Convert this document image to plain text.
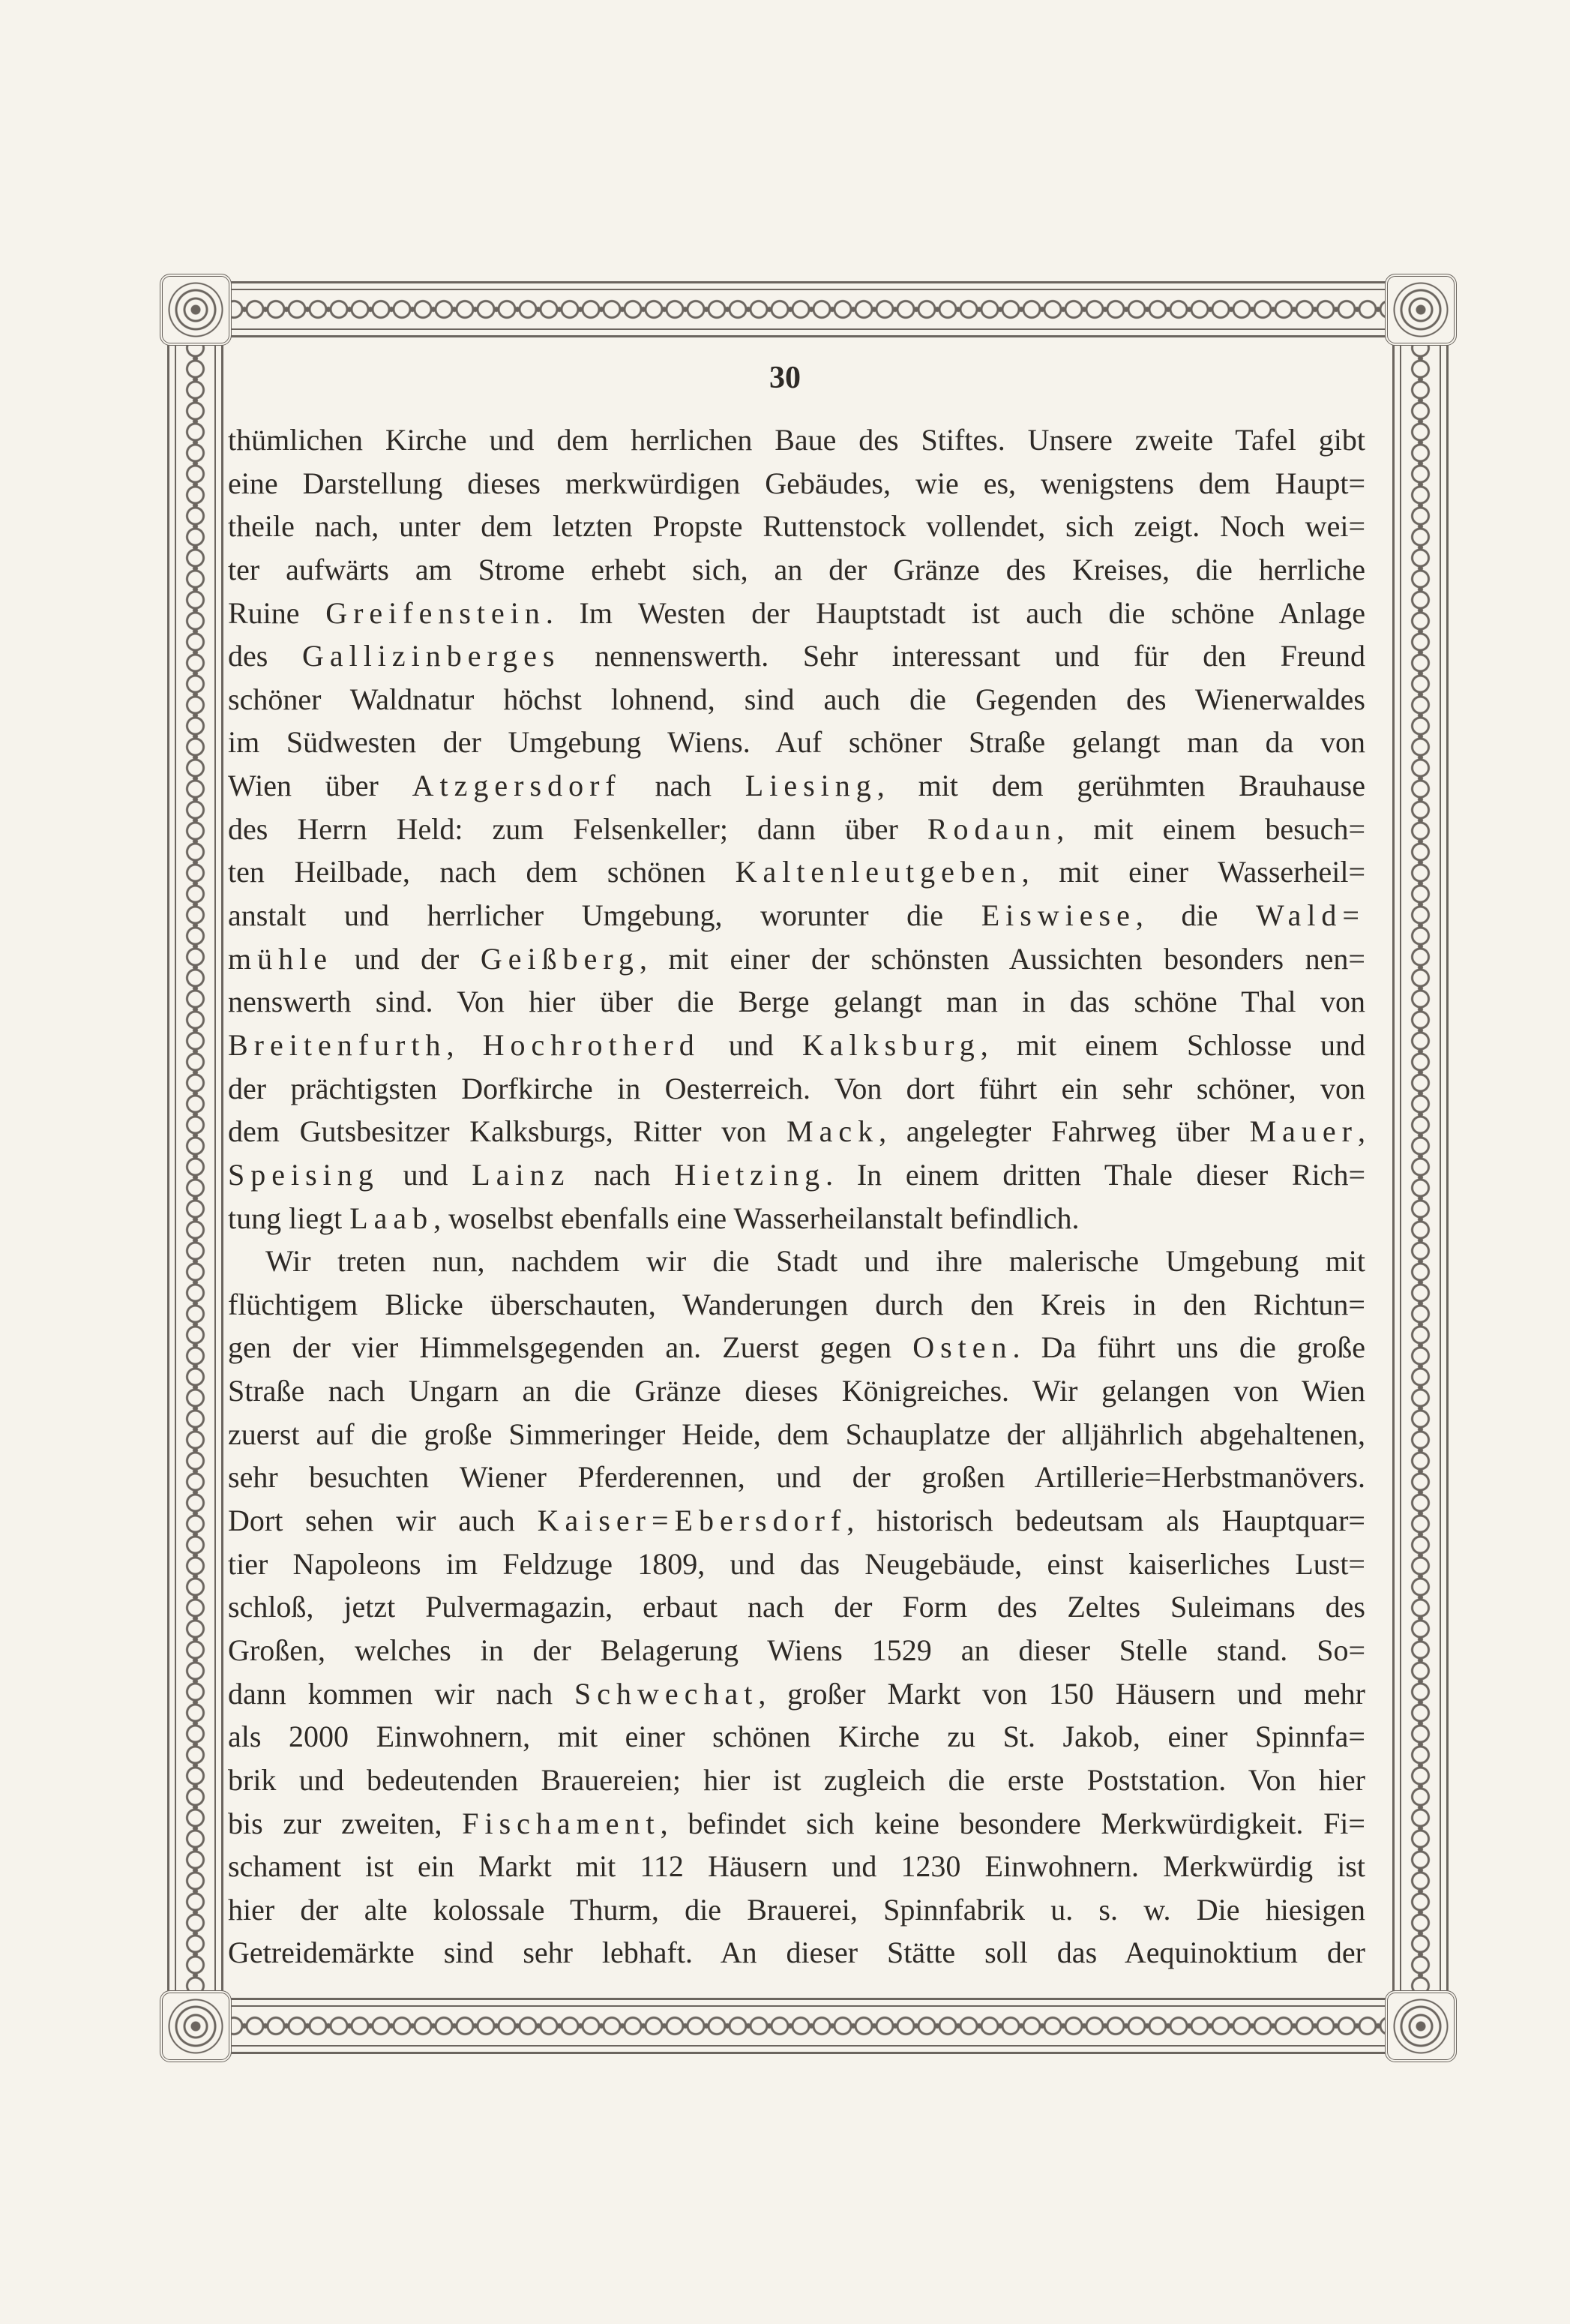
30
thümlichen Kirche und dem herrlichen Baue des Stiftes. Unsere zweite Tafel gibt
eine Darstellung dieses merkwürdigen Gebäudes, wie es, wenigstens dem Haupt=
theile nach, unter dem letzten Propste Ruttenstock vollendet, sich zeigt. Noch wei=
ter aufwärts am Strome erhebt sich, an der Gränze des Kreises, die herrliche
Ruine Greifenstein. Im Westen der Hauptstadt ist auch die schöne Anlage
des Gallizinberges nennenswerth. Sehr interessant und für den Freund
schöner Waldnatur höchst lohnend, sind auch die Gegenden des Wienerwaldes
im Südwesten der Umgebung Wiens. Auf schöner Straße gelangt man da von
Wien über Atzgersdorf nach Liesing, mit dem gerühmten Brauhause
des Herrn Held: zum Felsenkeller; dann über Rodaun, mit einem besuch=
ten Heilbade, nach dem schönen Kaltenleutgeben, mit einer Wasserheil=
anstalt und herrlicher Umgebung, worunter die Eiswiese, die Wald=
mühle und der Geißberg, mit einer der schönsten Aussichten besonders nen=
nenswerth sind. Von hier über die Berge gelangt man in das schöne Thal von
Breitenfurth, Hochrotherd und Kalksburg, mit einem Schlosse und
der prächtigsten Dorfkirche in Oesterreich. Von dort führt ein sehr schöner, von
dem Gutsbesitzer Kalksburgs, Ritter von Mack, angelegter Fahrweg über Mauer,
Speising und Lainz nach Hietzing. In einem dritten Thale dieser Rich=
tung liegt Laab, woselbst ebenfalls eine Wasserheilanstalt befindlich.
Wir treten nun, nachdem wir die Stadt und ihre malerische Umgebung mit
flüchtigem Blicke überschauten, Wanderungen durch den Kreis in den Richtun=
gen der vier Himmelsgegenden an. Zuerst gegen Osten. Da führt uns die große
Straße nach Ungarn an die Gränze dieses Königreiches. Wir gelangen von Wien
zuerst auf die große Simmeringer Heide, dem Schauplatze der alljährlich abgehaltenen,
sehr besuchten Wiener Pferderennen, und der großen Artillerie=Herbstmanövers.
Dort sehen wir auch Kaiser=Ebersdorf, historisch bedeutsam als Hauptquar=
tier Napoleons im Feldzuge 1809, und das Neugebäude, einst kaiserliches Lust=
schloß, jetzt Pulvermagazin, erbaut nach der Form des Zeltes Suleimans des
Großen, welches in der Belagerung Wiens 1529 an dieser Stelle stand. So=
dann kommen wir nach Schwechat, großer Markt von 150 Häusern und mehr
als 2000 Einwohnern, mit einer schönen Kirche zu St. Jakob, einer Spinnfa=
brik und bedeutenden Brauereien; hier ist zugleich die erste Poststation. Von hier
bis zur zweiten, Fischament, befindet sich keine besondere Merkwürdigkeit. Fi=
schament ist ein Markt mit 112 Häusern und 1230 Einwohnern. Merkwürdig ist
hier der alte kolossale Thurm, die Brauerei, Spinnfabrik u. s. w. Die hiesigen
Getreidemärkte sind sehr lebhaft. An dieser Stätte soll das Aequinoktium der
